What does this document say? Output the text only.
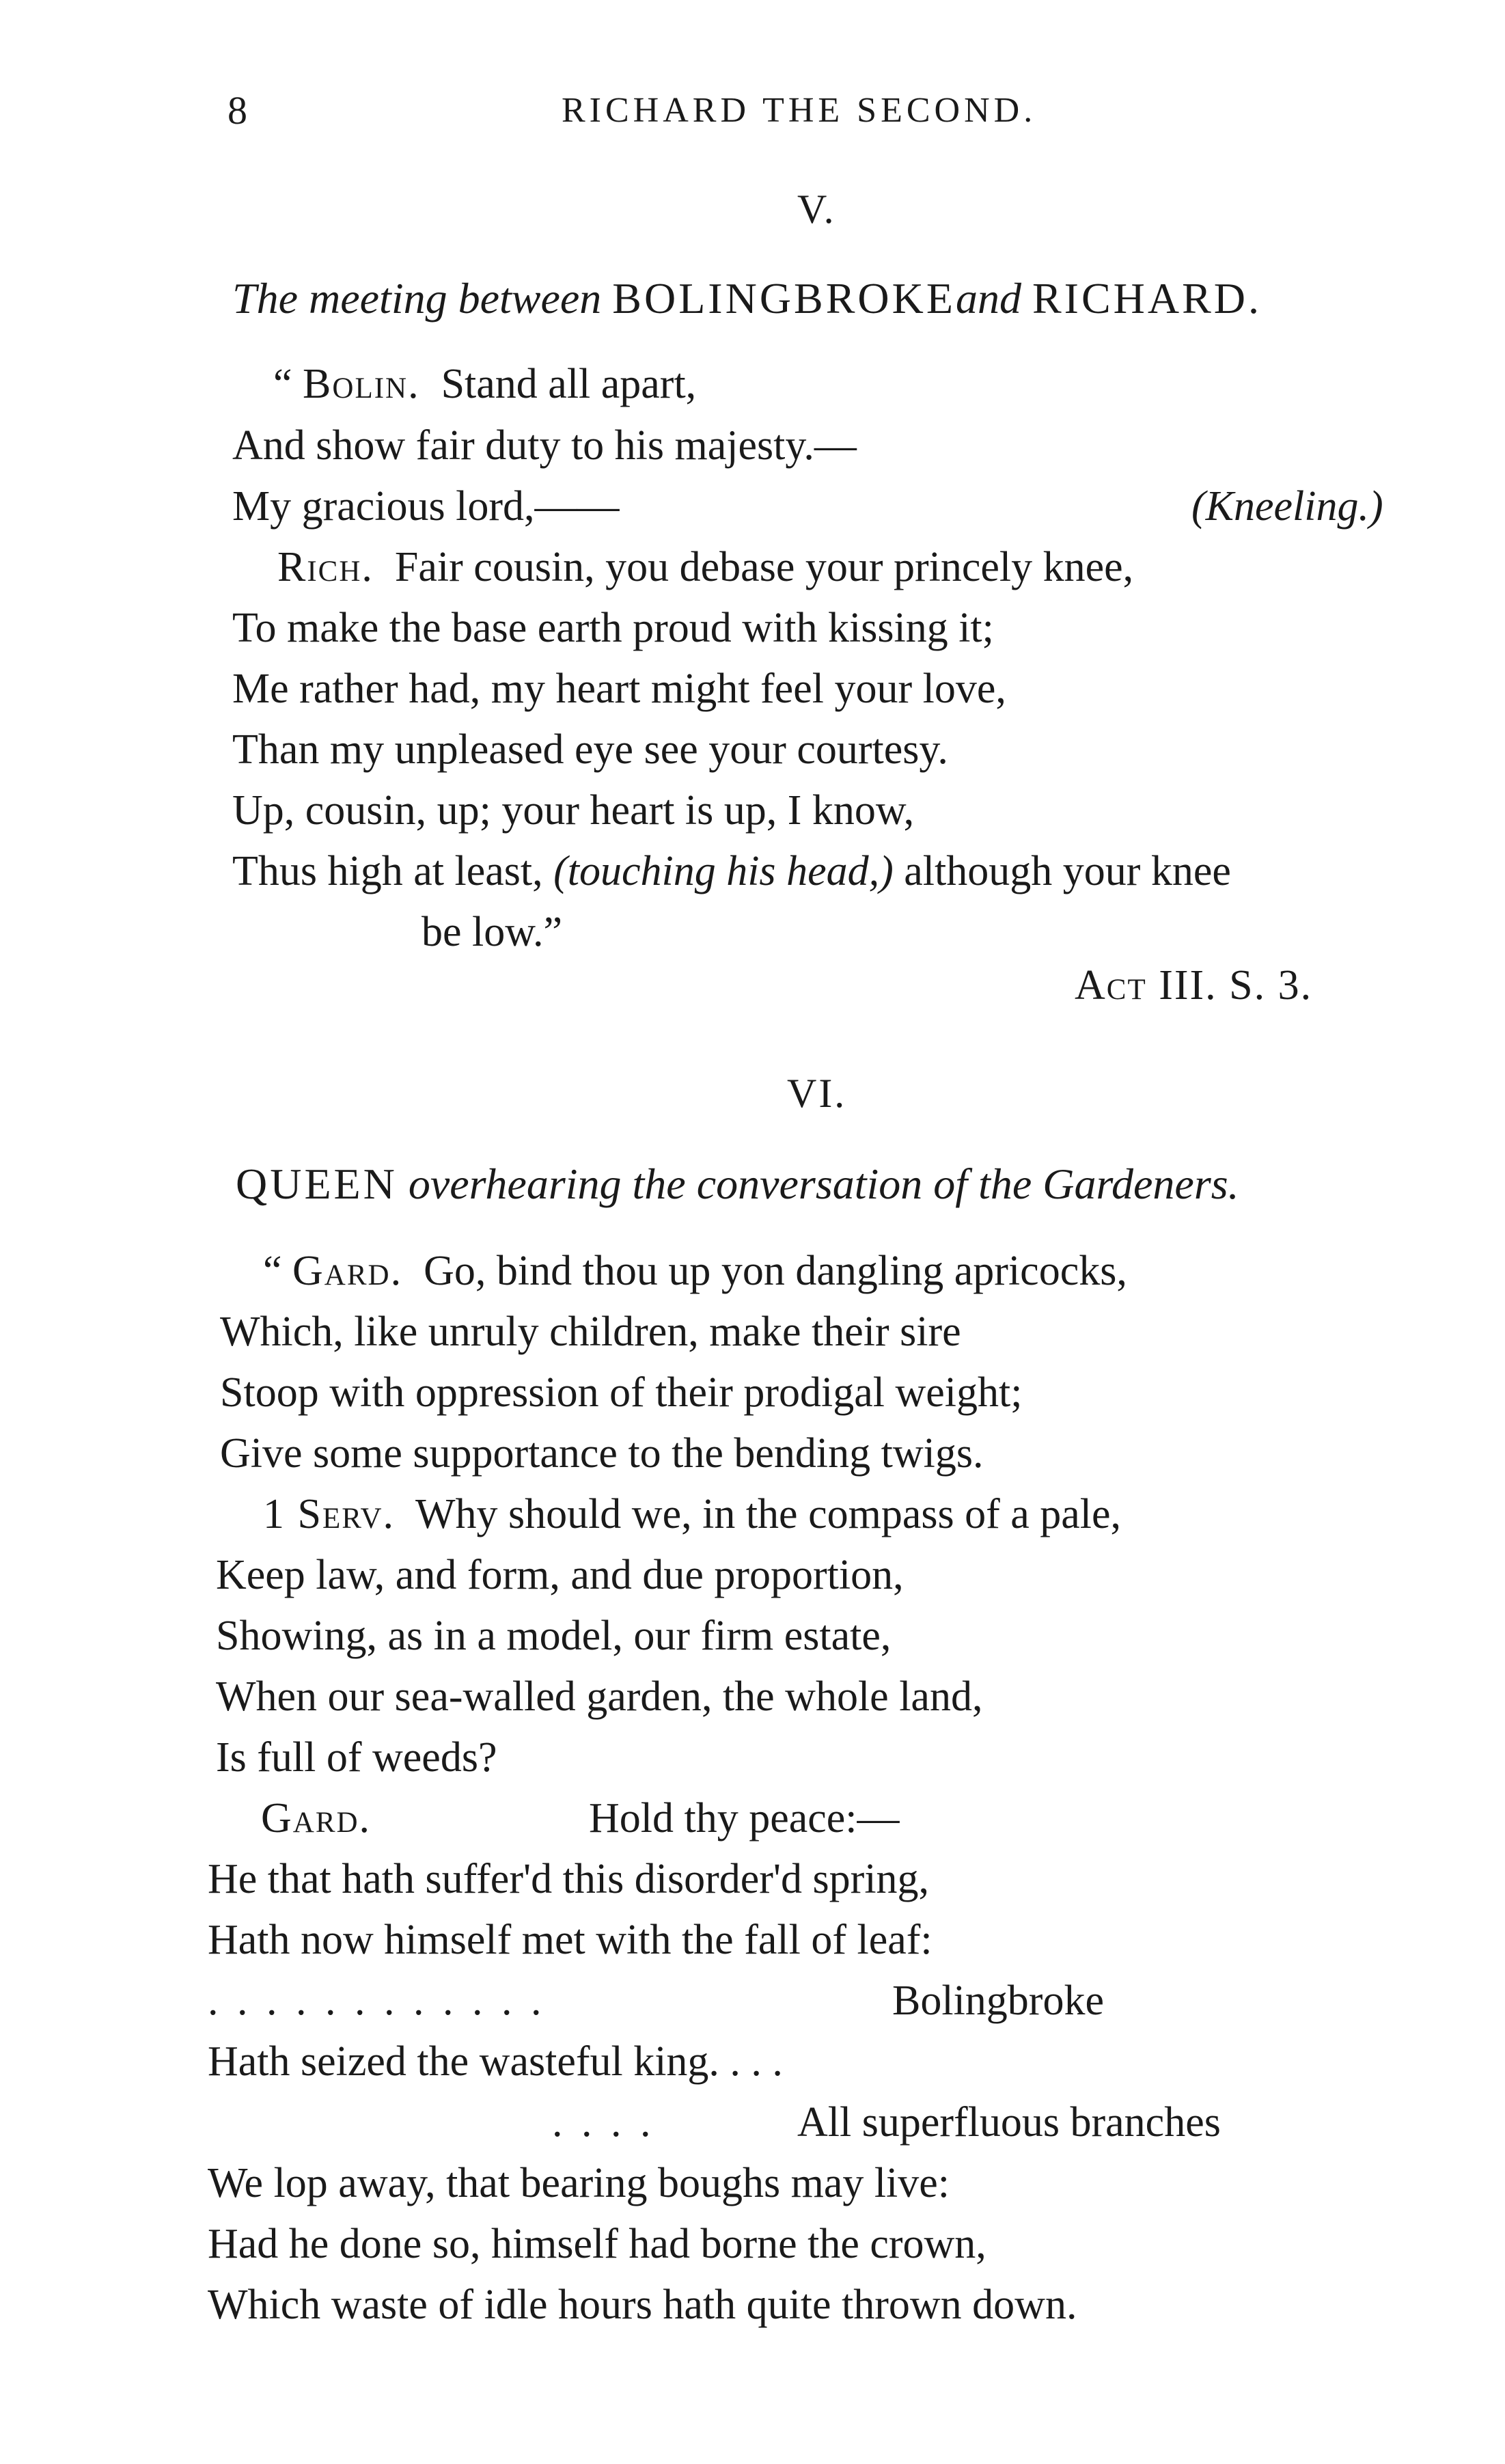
8	RICHARD THE SECOND.
V.
The meeting between BOLINGBROKEand RICHARD.
“ Bolin. Stand all apart,
And show fair duty to his majesty.—
My gracious lord,——	(Kneeling.)
Rich. Fair cousin, you debase your princely knee,
To make the base earth proud with kissing it;
Me rather had, my heart might feel your love,
Than my unpleased eye see your courtesy.
Up, cousin, up; your heart is up, I know,
Thus high at least, (touching his head,) although your knee
be low.”
Act III. S. 3.
VI.
QUEEN overhearing the conversation of the Gardeners.
“ Gard. Go, bind thou up yon dangling apricocks,
Which, like unruly children, make their sire
Stoop with oppression of their prodigal weight;
Give some supportance to the bending twigs.
1 Serv. Why should we, in the compass of a pale,
Keep law, and form, and due proportion,
Showing, as in a model, our firm estate,
When our sea-walled garden, the whole land,
Is full of weeds?
Gard.	Hold thy peace:—
He that hath suffer'd this disorder'd spring,
Hath now himself met with the fall of leaf:
. . . . . . . . . . . .	Bolingbroke
Hath seized the wasteful king. . . .
. . . .	All superfluous branches
We lop away, that bearing boughs may live:
Had he done so, himself had borne the crown,
Which waste of idle hours hath quite thrown down.
